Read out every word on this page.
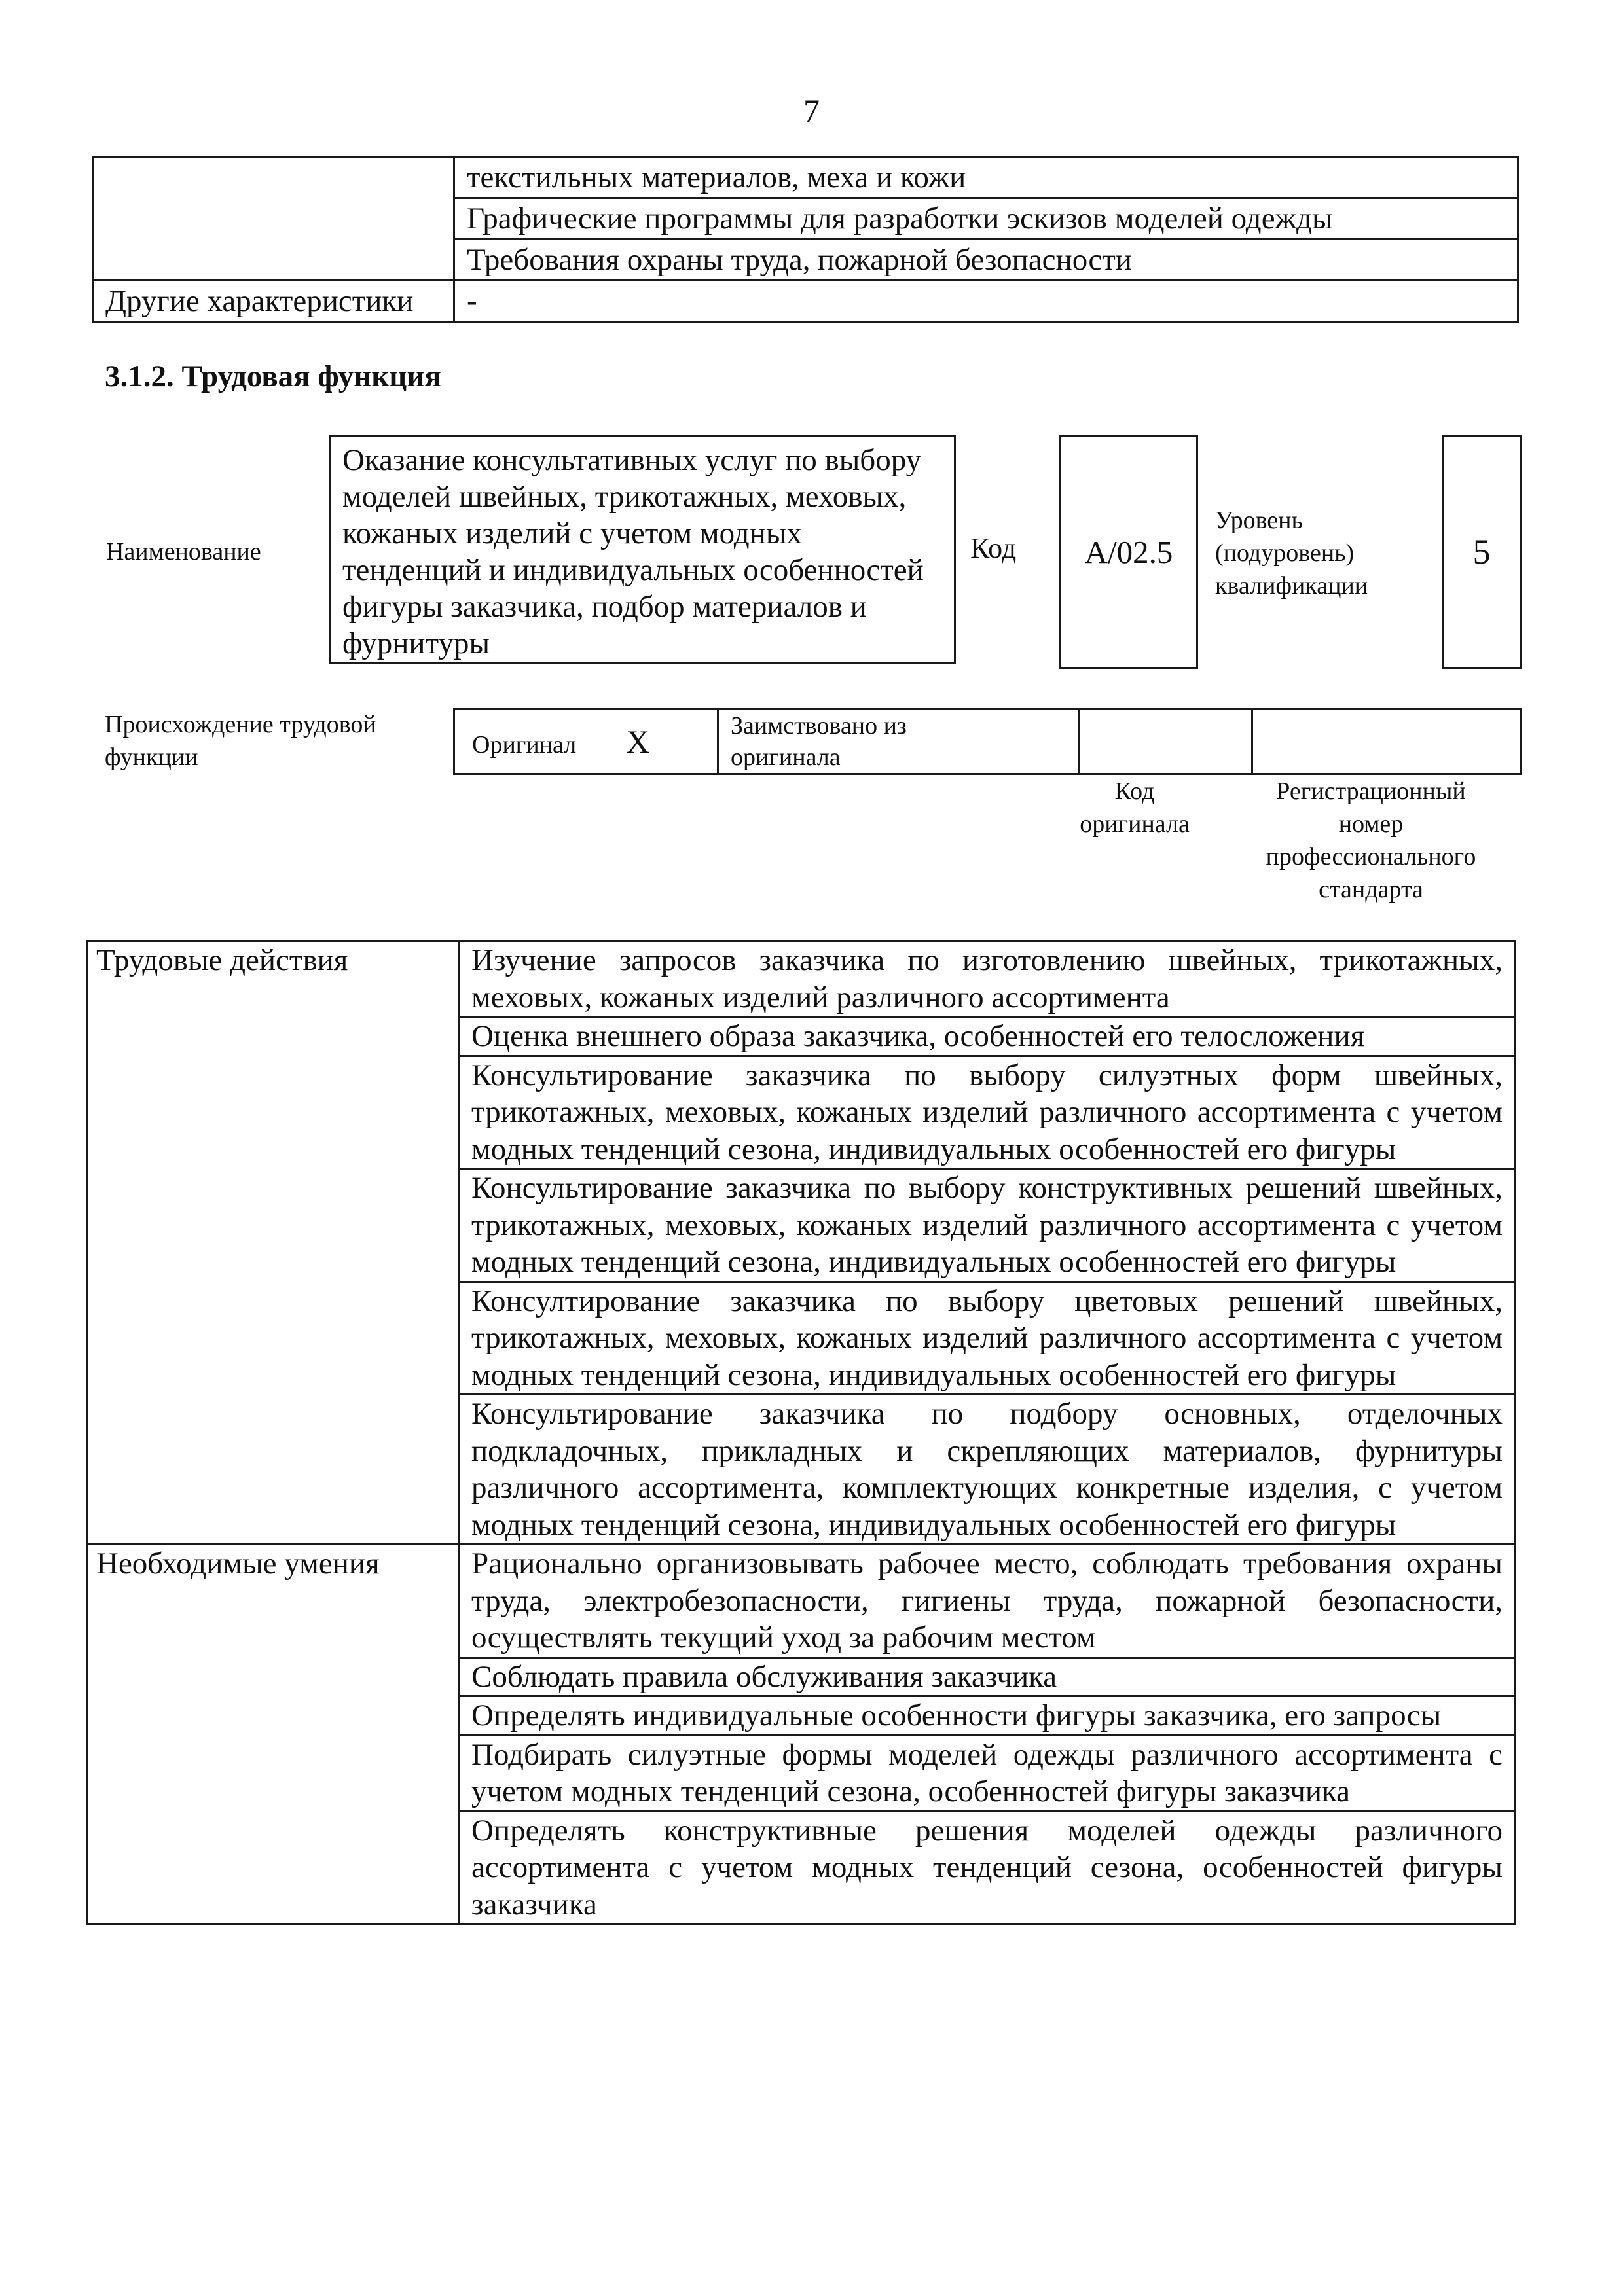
7
	текстильных материалов, меха и кожи
	Графические программы для разработки эскизов моделей одежды
	Требования охраны труда, пожарной безопасности
Другие характеристики	-
3.1.2. Трудовая функция
Наименование
Оказание консультативных услуг по выбору моделей швейных, трикотажных, меховых, кожаных изделий с учетом модных тенденций и индивидуальных особенностей фигуры заказчика, подбор материалов и фурнитуры
Код A/02.5
Уровень (подуровень) квалификации
5
Происхождение трудовой функции	Оригинал X	Заимствовано из оригинала

Код оригинала
Регистрационный номер профессионального стандарта
Трудовые действия	Изучение запросов заказчика по изготовлению швейных, трикотажных, меховых, кожаных изделий различного ассортимента
	Оценка внешнего образа заказчика, особенностей его телосложения
	Консультирование заказчика по выбору силуэтных форм швейных, трикотажных, меховых, кожаных изделий различного ассортимента с учетом модных тенденций сезона, индивидуальных особенностей его фигуры
	Консультирование заказчика по выбору конструктивных решений швейных, трикотажных, меховых, кожаных изделий различного ассортимента с учетом модных тенденций сезона, индивидуальных особенностей его фигуры
	Консултирование заказчика по выбору цветовых решений швейных, трикотажных, меховых, кожаных изделий различного ассортимента с учетом модных тенденций сезона, индивидуальных особенностей его фигуры
	Консультирование заказчика по подбору основных, отделочных подкладочных, прикладных и скрепляющих материалов, фурнитуры различного ассортимента, комплектующих конкретные изделия, с учетом модных тенденций сезона, индивидуальных особенностей его фигуры
Необходимые умения	Рационально организовывать рабочее место, соблюдать требования охраны труда, электробезопасности, гигиены труда, пожарной безопасности, осуществлять текущий уход за рабочим местом
	Соблюдать правила обслуживания заказчика
	Определять индивидуальные особенности фигуры заказчика, его запросы
	Подбирать силуэтные формы моделей одежды различного ассортимента с учетом модных тенденций сезона, особенностей фигуры заказчика
	Определять конструктивные решения моделей одежды различного ассортимента с учетом модных тенденций сезона, особенностей фигуры заказчика
